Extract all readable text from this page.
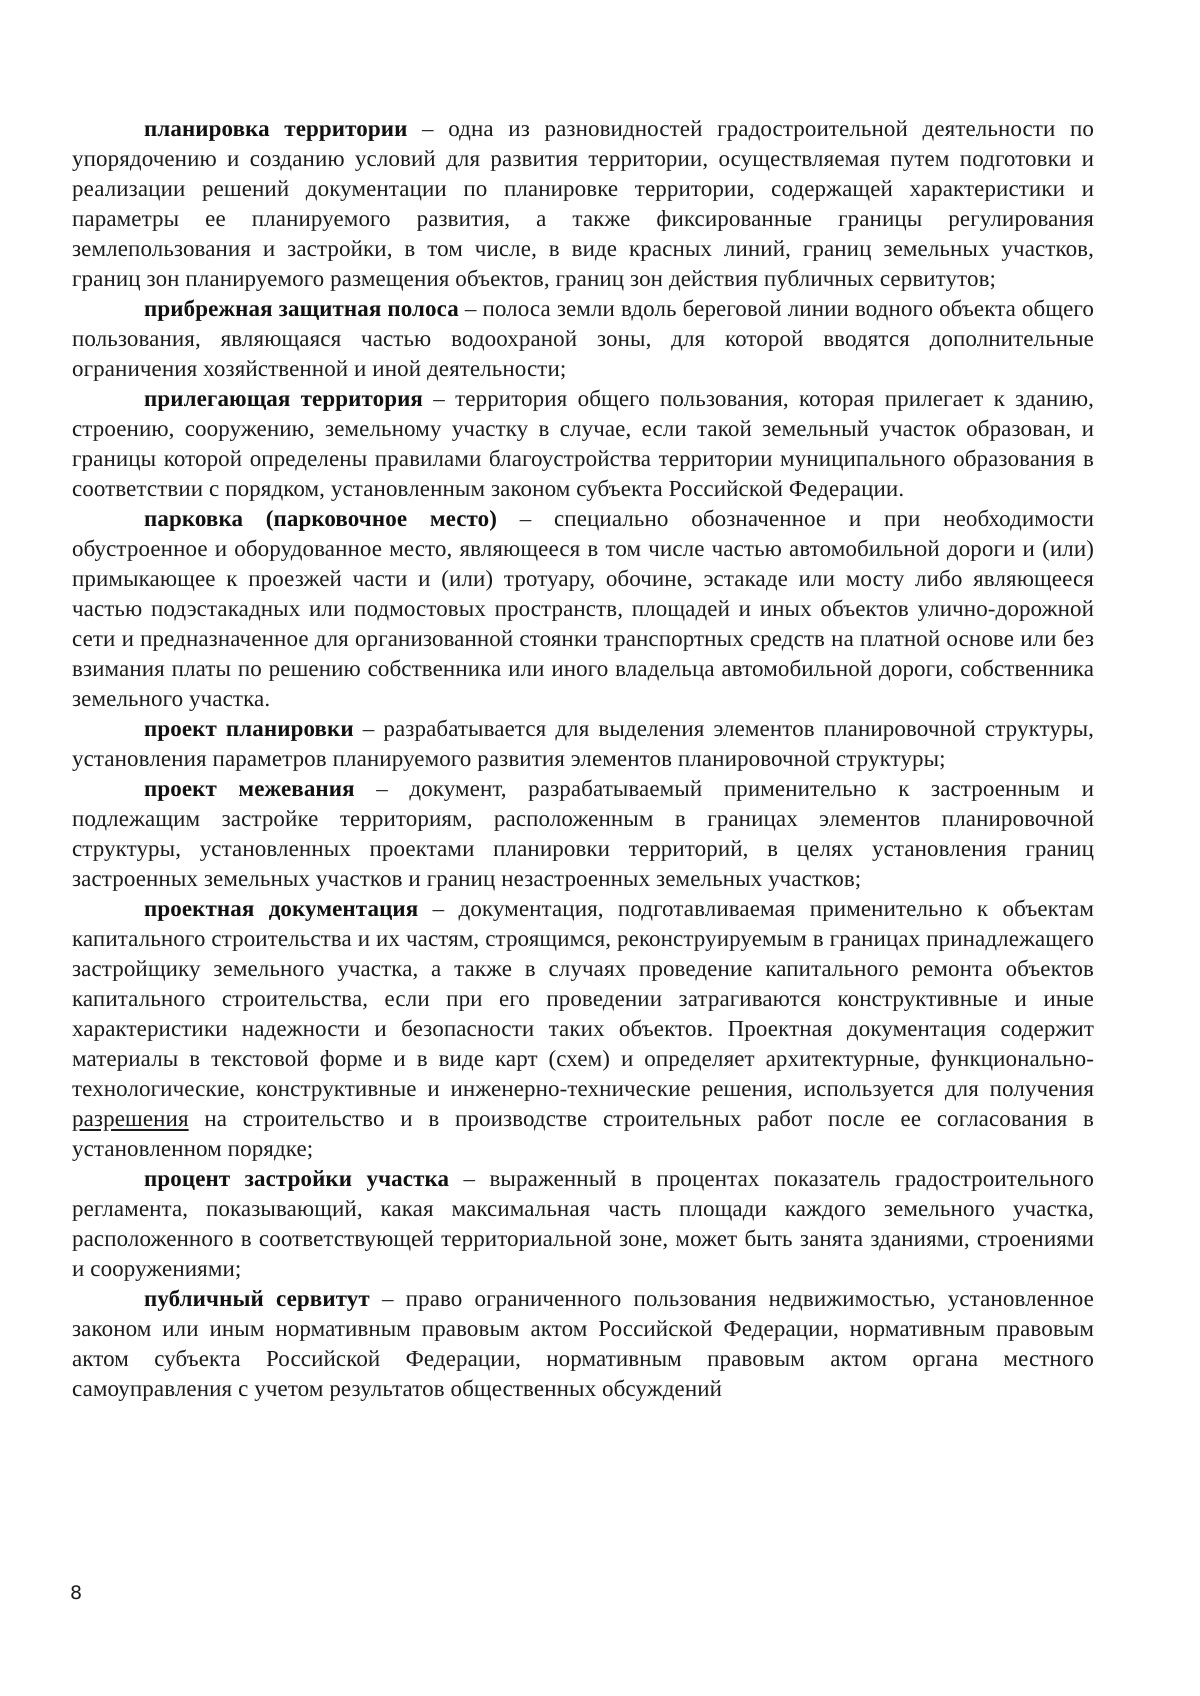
планировка территории – одна из разновидностей градостроительной деятельности по упорядочению и созданию условий для развития территории, осуществляемая путем подготовки и реализации решений документации по планировке территории, содержащей характеристики и параметры ее планируемого развития, а также фиксированные границы регулирования землепользования и застройки, в том числе, в виде красных линий, границ земельных участков, границ зон планируемого размещения объектов, границ зон действия публичных сервитутов;

прибрежная защитная полоса – полоса земли вдоль береговой линии водного объекта общего пользования, являющаяся частью водоохраной зоны, для которой вводятся дополнительные ограничения хозяйственной и иной деятельности;

прилегающая территория – территория общего пользования, которая прилегает к зданию, строению, сооружению, земельному участку в случае, если такой земельный участок образован, и границы которой определены правилами благоустройства территории муниципального образования в соответствии с порядком, установленным законом субъекта Российской Федерации.

парковка (парковочное место) – специально обозначенное и при необходимости обустроенное и оборудованное место, являющееся в том числе частью автомобильной дороги и (или) примыкающее к проезжей части и (или) тротуару, обочине, эстакаде или мосту либо являющееся частью подэстакадных или подмостовых пространств, площадей и иных объектов улично-дорожной сети и предназначенное для организованной стоянки транспортных средств на платной основе или без взимания платы по решению собственника или иного владельца автомобильной дороги, собственника земельного участка.

проект планировки – разрабатывается для выделения элементов планировочной структуры, установления параметров планируемого развития элементов планировочной структуры;

проект межевания – документ, разрабатываемый применительно к застроенным и подлежащим застройке территориям, расположенным в границах элементов планировочной структуры, установленных проектами планировки территорий, в целях установления границ застроенных земельных участков и границ незастроенных земельных участков;

проектная документация – документация, подготавливаемая применительно к объектам капитального строительства и их частям, строящимся, реконструируемым в границах принадлежащего застройщику земельного участка, а также в случаях проведение капитального ремонта объектов капитального строительства, если при его проведении затрагиваются конструктивные и иные характеристики надежности и безопасности таких объектов. Проектная документация содержит материалы в текстовой форме и в виде карт (схем) и определяет архитектурные, функционально-технологические, конструктивные и инженерно-технические решения, используется для получения разрешения на строительство и в производстве строительных работ после ее согласования в установленном порядке;

процент застройки участка – выраженный в процентах показатель градостроительного регламента, показывающий, какая максимальная часть площади каждого земельного участка, расположенного в соответствующей территориальной зоне, может быть занята зданиями, строениями и сооружениями;

публичный сервитут – право ограниченного пользования недвижимостью, установленное законом или иным нормативным правовым актом Российской Федерации, нормативным правовым актом субъекта Российской Федерации, нормативным правовым актом органа местного самоуправления с учетом результатов общественных обсуждений

8
